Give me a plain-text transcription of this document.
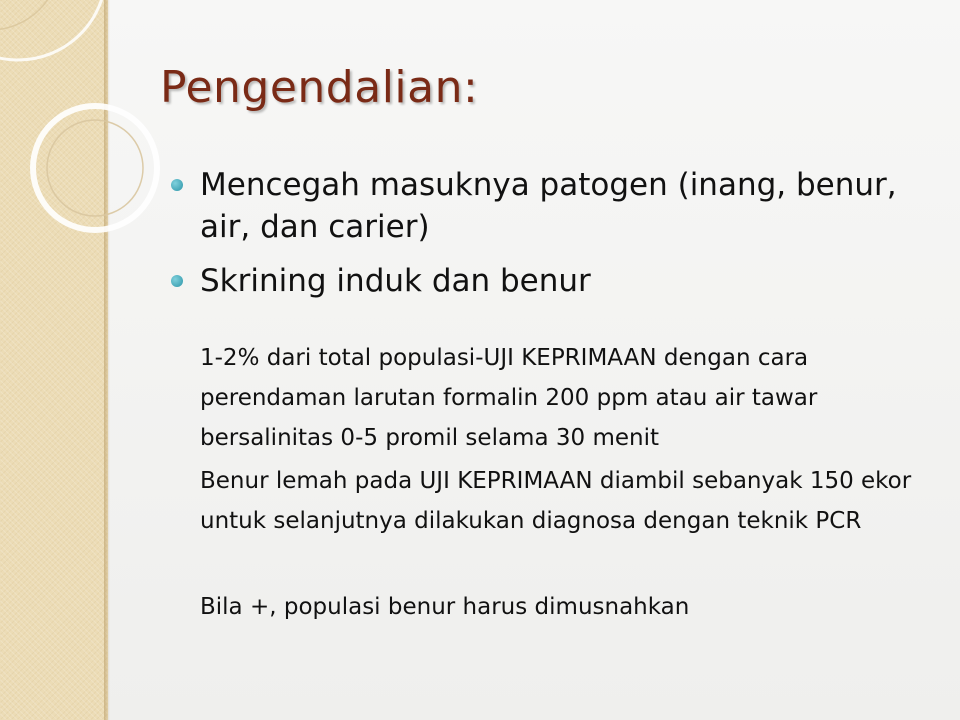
Pengendalian:
Mencegah masuknya patogen (inang, benur, air, dan carier)
Skrining induk dan benur

1-2% dari total populasi-UJI KEPRIMAAN dengan cara perendaman larutan formalin 200 ppm atau air tawar bersalinitas 0-5 promil selama 30 menit

Benur lemah pada UJI KEPRIMAAN diambil sebanyak 150 ekor untuk selanjutnya dilakukan diagnosa dengan teknik PCR

Bila +, populasi benur harus dimusnahkan
